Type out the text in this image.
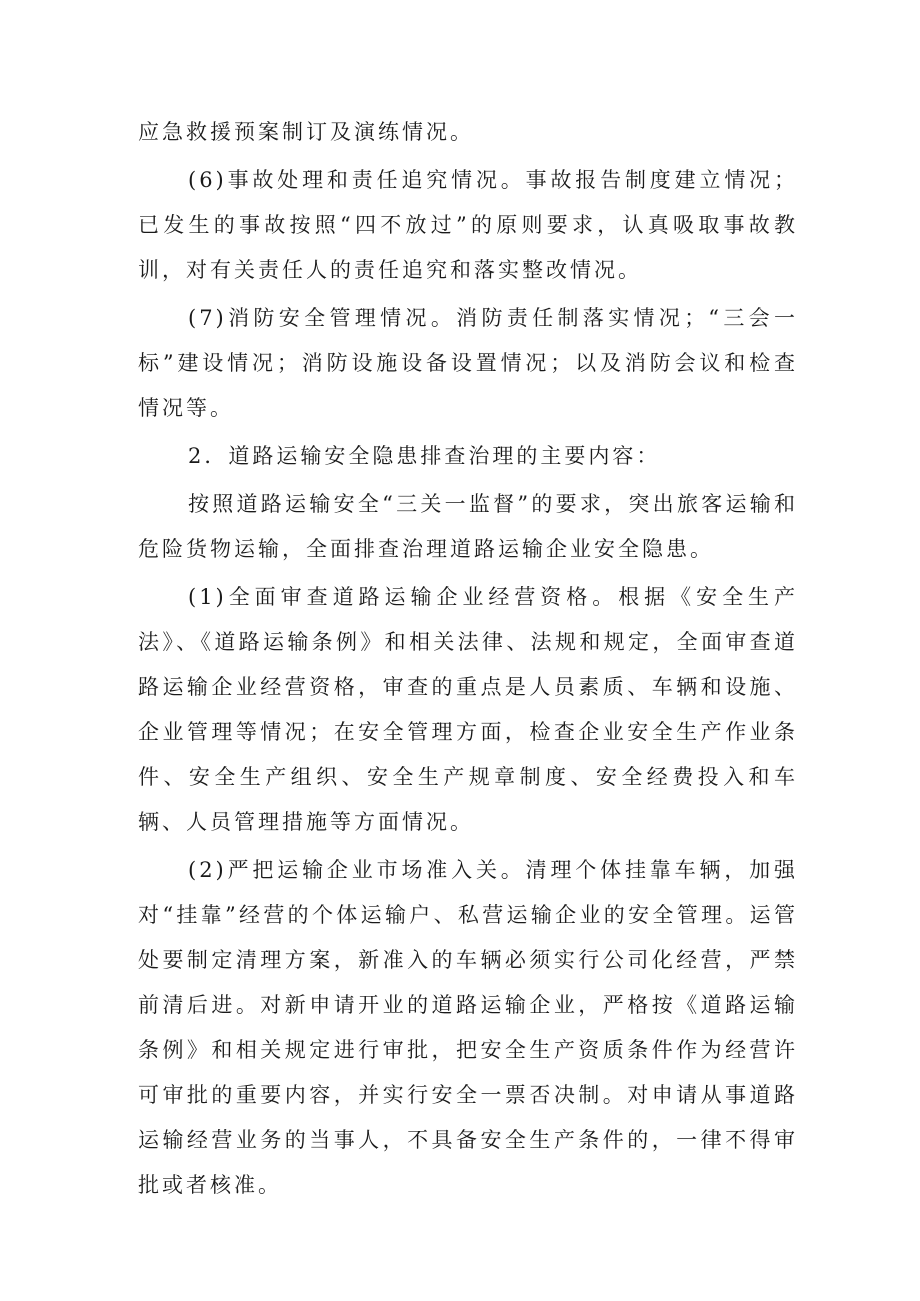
应急救援预案制订及演练情况。

(6)事故处理和责任追究情况。事故报告制度建立情况；已发生的事故按照“四不放过”的原则要求，认真吸取事故教训，对有关责任人的责任追究和落实整改情况。

(7)消防安全管理情况。消防责任制落实情况；“三会一标”建设情况；消防设施设备设置情况；以及消防会议和检查情况等。

2．道路运输安全隐患排查治理的主要内容：

按照道路运输安全“三关一监督”的要求，突出旅客运输和危险货物运输，全面排查治理道路运输企业安全隐患。

(1)全面审查道路运输企业经营资格。根据《安全生产法》、《道路运输条例》和相关法律、法规和规定，全面审查道路运输企业经营资格，审查的重点是人员素质、车辆和设施、企业管理等情况；在安全管理方面，检查企业安全生产作业条件、安全生产组织、安全生产规章制度、安全经费投入和车辆、人员管理措施等方面情况。

(2)严把运输企业市场准入关。清理个体挂靠车辆，加强对“挂靠”经营的个体运输户、私营运输企业的安全管理。运管处要制定清理方案，新准入的车辆必须实行公司化经营，严禁前清后进。对新申请开业的道路运输企业，严格按《道路运输条例》和相关规定进行审批，把安全生产资质条件作为经营许可审批的重要内容，并实行安全一票否决制。对申请从事道路运输经营业务的当事人，不具备安全生产条件的，一律不得审批或者核准。
